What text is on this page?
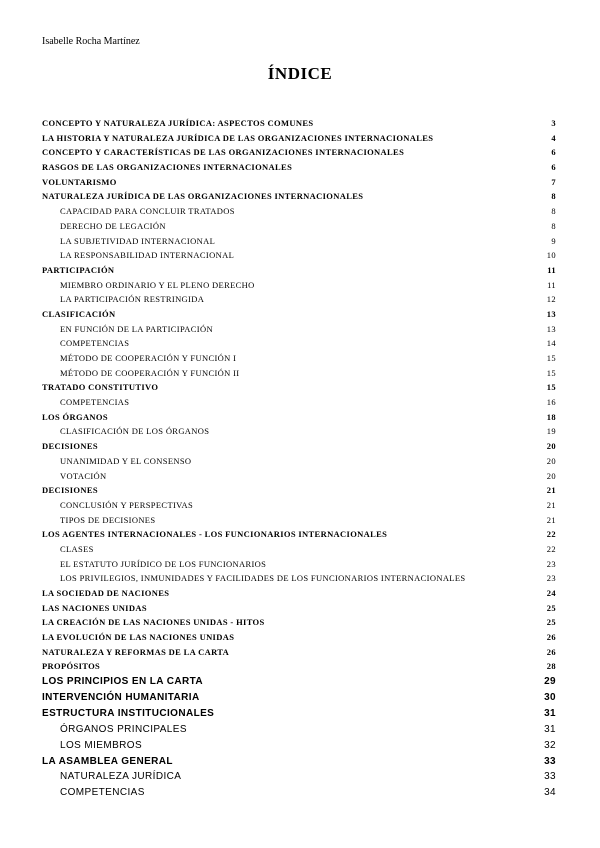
Isabelle Rocha Martínez
ÍNDICE
CONCEPTO Y NATURALEZA JURÍDICA: ASPECTOS COMUNES	3
LA HISTORIA Y NATURALEZA JURÍDICA DE LAS ORGANIZACIONES INTERNACIONALES	4
CONCEPTO Y CARACTERÍSTICAS DE LAS ORGANIZACIONES INTERNACIONALES	6
RASGOS DE LAS ORGANIZACIONES INTERNACIONALES	6
VOLUNTARISMO	7
NATURALEZA JURÍDICA DE LAS ORGANIZACIONES INTERNACIONALES	8
CAPACIDAD PARA CONCLUIR TRATADOS	8
DERECHO DE LEGACIÓN	8
LA SUBJETIVIDAD INTERNACIONAL	9
LA RESPONSABILIDAD INTERNACIONAL	10
PARTICIPACIÓN	11
MIEMBRO ORDINARIO Y EL PLENO DERECHO	11
LA PARTICIPACIÓN RESTRINGIDA	12
CLASIFICACIÓN	13
EN FUNCIÓN DE LA PARTICIPACIÓN	13
COMPETENCIAS	14
MÉTODO DE COOPERACIÓN Y FUNCIÓN I	15
MÉTODO DE COOPERACIÓN Y FUNCIÓN II	15
TRATADO CONSTITUTIVO	15
COMPETENCIAS	16
LOS ÓRGANOS	18
CLASIFICACIÓN DE LOS ÓRGANOS	19
DECISIONES	20
UNANIMIDAD Y EL CONSENSO	20
VOTACIÓN	20
DECISIONES	21
CONCLUSIÓN Y PERSPECTIVAS	21
TIPOS DE DECISIONES	21
LOS AGENTES INTERNACIONALES - LOS FUNCIONARIOS INTERNACIONALES	22
CLASES	22
EL ESTATUTO JURÍDICO DE LOS FUNCIONARIOS	23
LOS PRIVILEGIOS, INMUNIDADES Y FACILIDADES DE LOS FUNCIONARIOS INTERNACIONALES	23
LA SOCIEDAD DE NACIONES	24
LAS NACIONES UNIDAS	25
LA CREACIÓN DE LAS NACIONES UNIDAS - HITOS	25
LA EVOLUCIÓN DE LAS NACIONES UNIDAS	26
NATURALEZA Y REFORMAS DE LA CARTA	26
PROPÓSITOS	28
LOS PRINCIPIOS EN LA CARTA	29
INTERVENCIÓN HUMANITARIA	30
ESTRUCTURA INSTITUCIONALES	31
ÓRGANOS PRINCIPALES	31
LOS MIEMBROS	32
LA ASAMBLEA GENERAL	33
NATURALEZA JURÍDICA	33
COMPETENCIAS	34
